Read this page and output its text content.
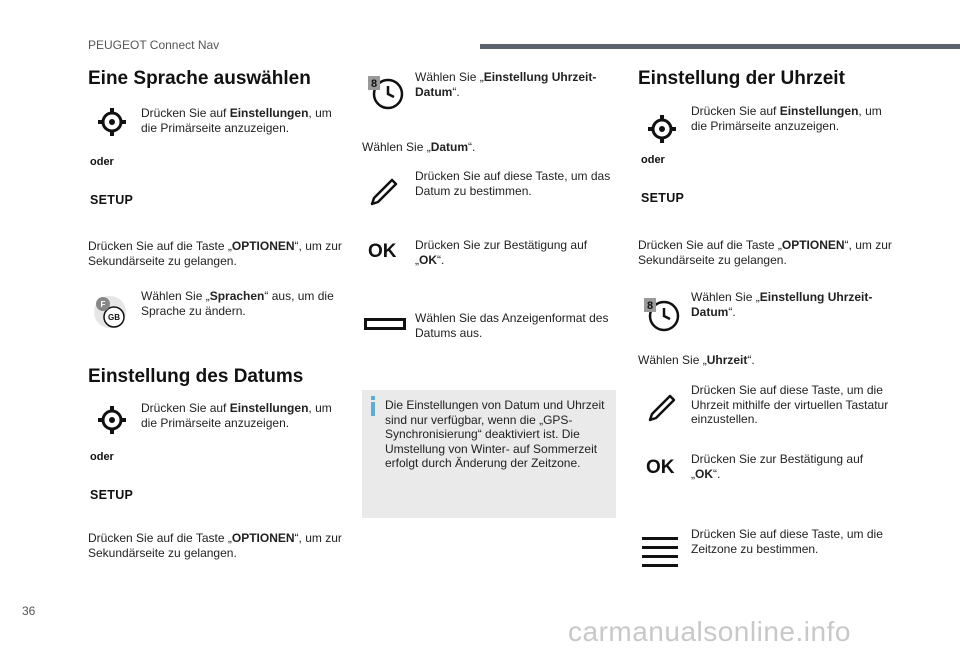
PEUGEOT Connect Nav
Eine Sprache auswählen
Drücken Sie auf Einstellungen, um die Primärseite anzuzeigen.
oder
SETUP
Drücken Sie auf die Taste „OPTIONEN“, um zur Sekundärseite zu gelangen.
F
GB
Wählen Sie „Sprachen“ aus, um die Sprache zu ändern.
Einstellung des Datums
Drücken Sie auf Einstellungen, um die Primärseite anzuzeigen.
oder
SETUP
Drücken Sie auf die Taste „OPTIONEN“, um zur Sekundärseite zu gelangen.
8	Wählen Sie „Einstellung Uhrzeit-Datum“.
Wählen Sie „Datum“.
Drücken Sie auf diese Taste, um das Datum zu bestimmen.
OK Drücken Sie zur Bestätigung auf „OK“.
Wählen Sie das Anzeigenformat des Datums aus.
Die Einstellungen von Datum und Uhrzeit sind nur verfügbar, wenn die „GPS-Synchronisierung“ deaktiviert ist. Die Umstellung von Winter- auf Sommerzeit erfolgt durch Änderung der Zeitzone.
Einstellung der Uhrzeit
Drücken Sie auf Einstellungen, um die Primärseite anzuzeigen.
oder
SETUP
Drücken Sie auf die Taste „OPTIONEN“, um zur Sekundärseite zu gelangen.
8
Wählen Sie „Einstellung Uhrzeit-Datum“.
Wählen Sie „Uhrzeit“.
Drücken Sie auf diese Taste, um die Uhrzeit mithilfe der virtuellen Tastatur einzustellen.
OK Drücken Sie zur Bestätigung auf „OK“.
Drücken Sie auf diese Taste, um die Zeitzone zu bestimmen.
36
carmanualsonline.info
